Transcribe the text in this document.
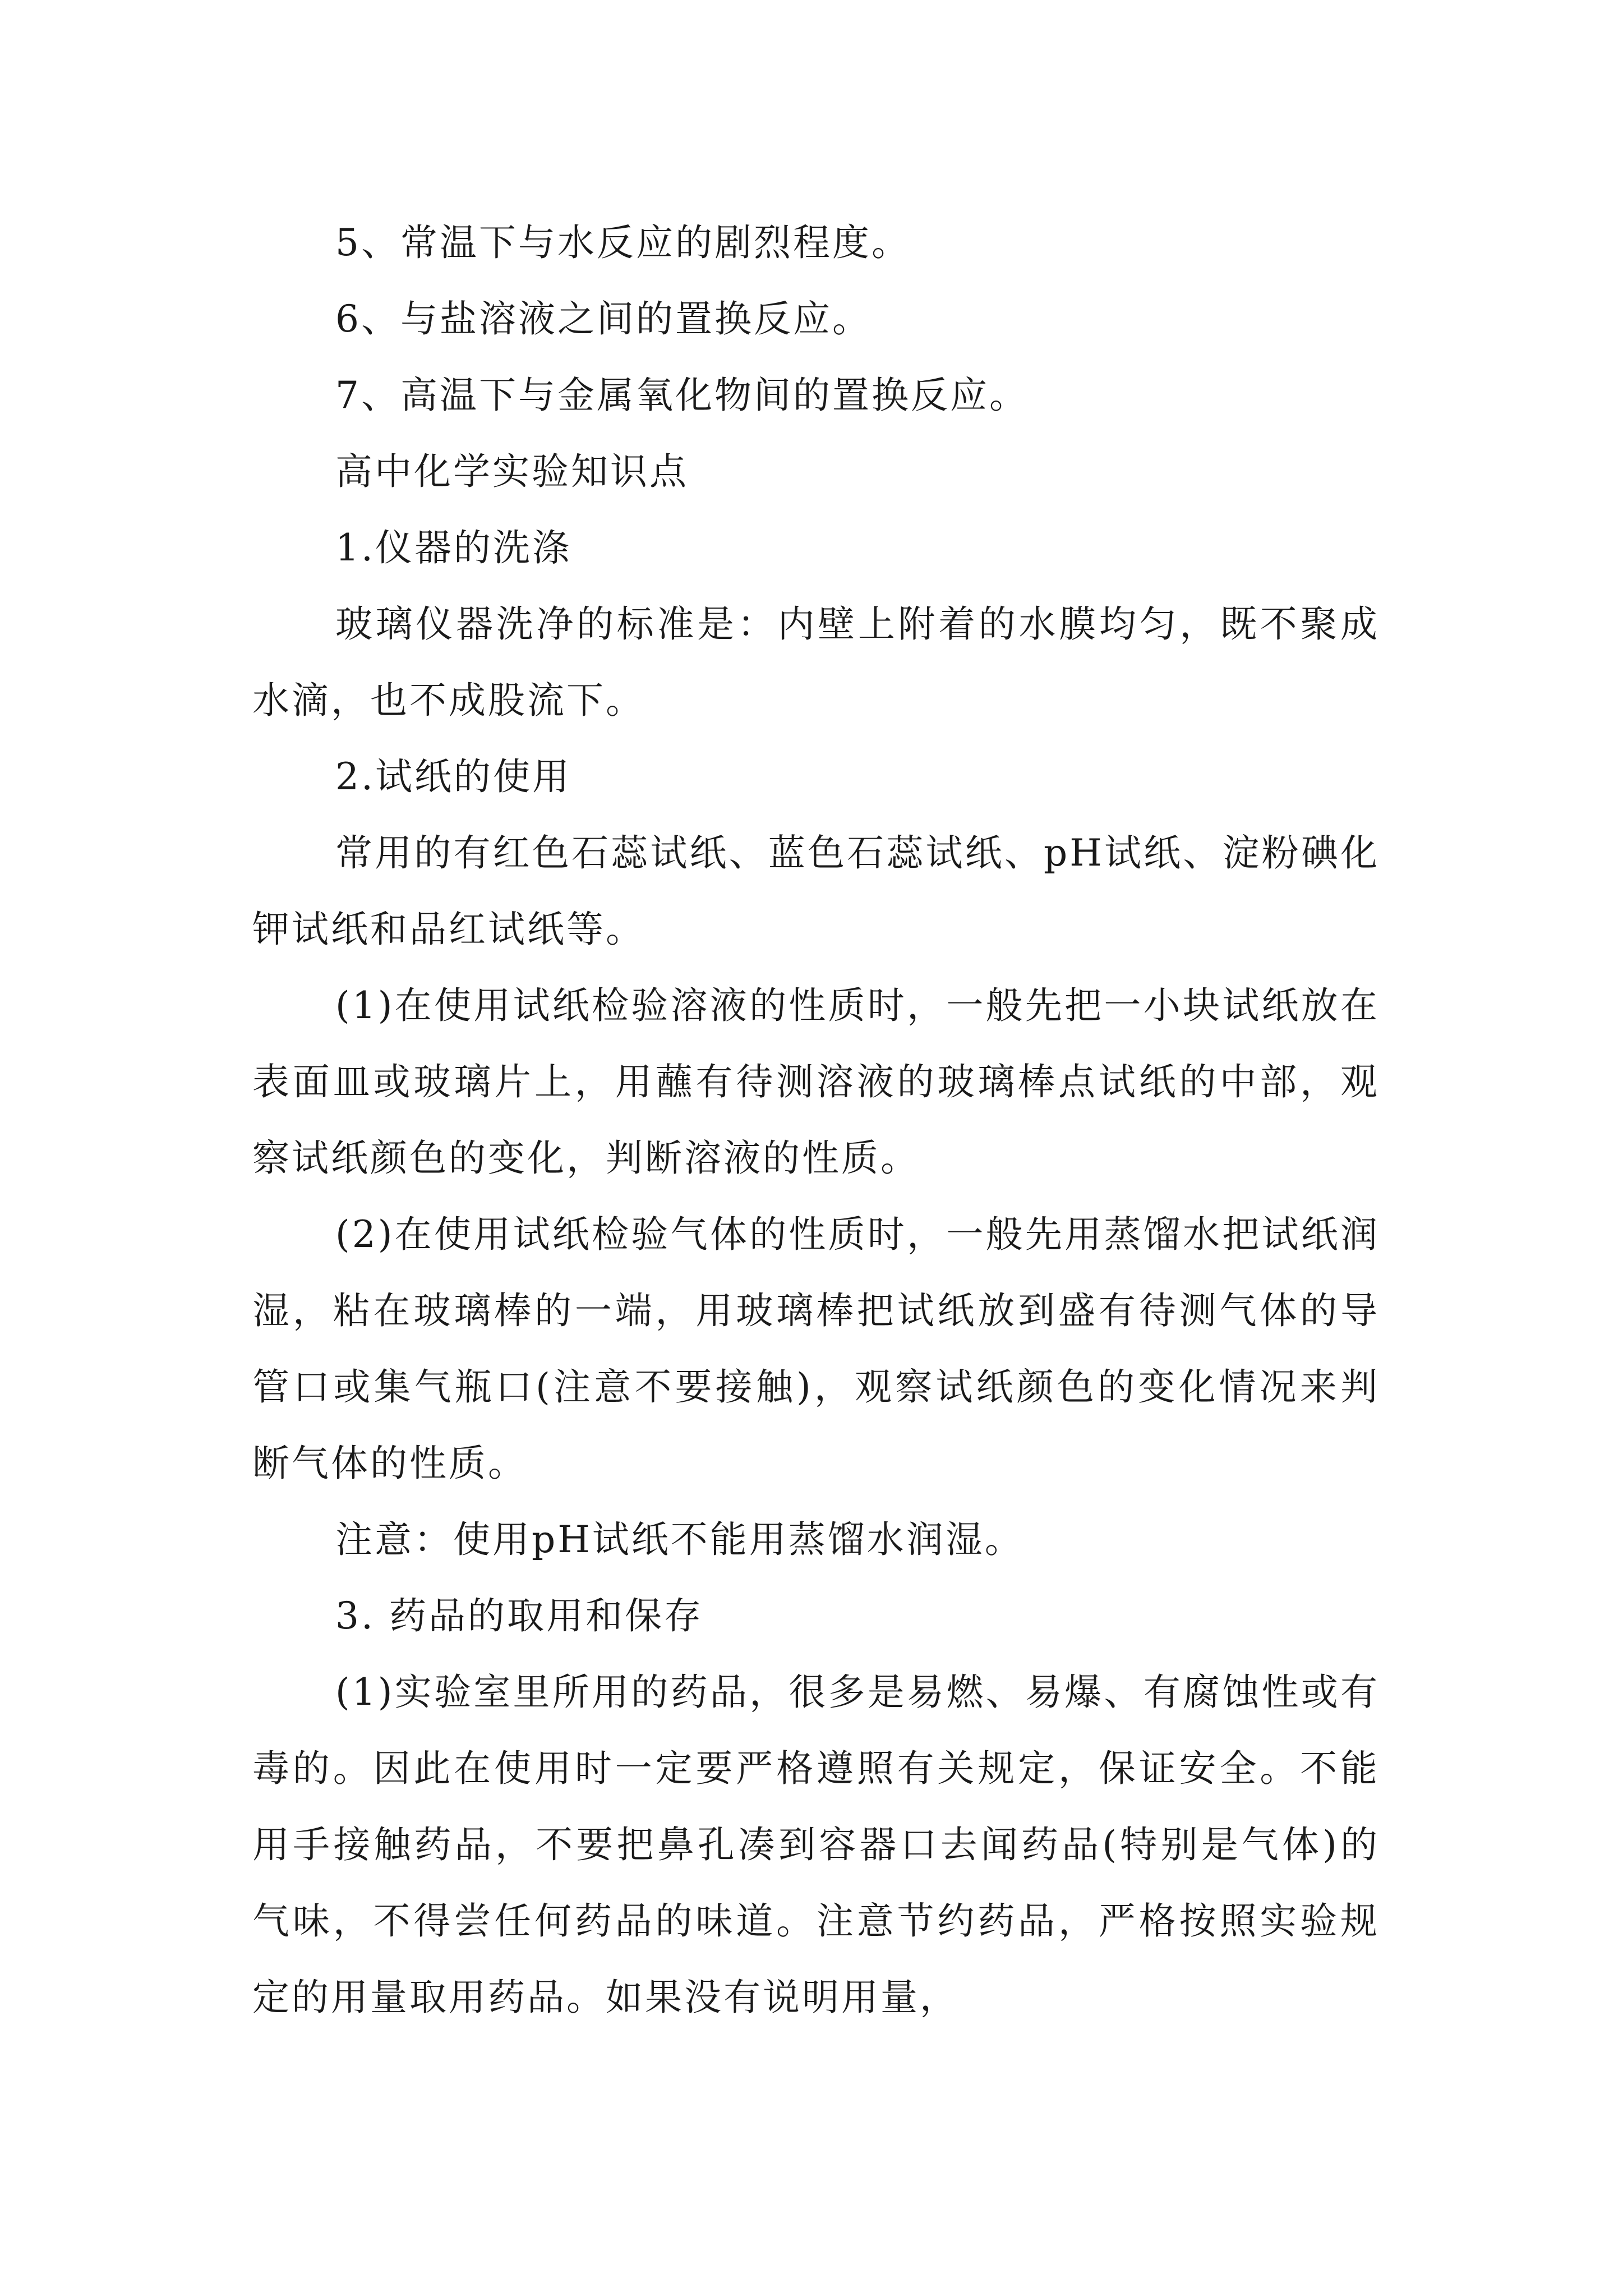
5、常温下与水反应的剧烈程度。

6、与盐溶液之间的置换反应。

7、高温下与金属氧化物间的置换反应。

高中化学实验知识点

1.仪器的洗涤

玻璃仪器洗净的标准是：内壁上附着的水膜均匀，既不聚成水滴，也不成股流下。

2.试纸的使用

常用的有红色石蕊试纸、蓝色石蕊试纸、pH试纸、淀粉碘化钾试纸和品红试纸等。

(1)在使用试纸检验溶液的性质时，一般先把一小块试纸放在表面皿或玻璃片上，用蘸有待测溶液的玻璃棒点试纸的中部，观察试纸颜色的变化，判断溶液的性质。

(2)在使用试纸检验气体的性质时，一般先用蒸馏水把试纸润湿，粘在玻璃棒的一端，用玻璃棒把试纸放到盛有待测气体的导管口或集气瓶口(注意不要接触)，观察试纸颜色的变化情况来判断气体的性质。

注意：使用pH试纸不能用蒸馏水润湿。

3. 药品的取用和保存

(1)实验室里所用的药品，很多是易燃、易爆、有腐蚀性或有毒的。因此在使用时一定要严格遵照有关规定，保证安全。不能用手接触药品，不要把鼻孔凑到容器口去闻药品(特别是气体)的气味，不得尝任何药品的味道。注意节约药品，严格按照实验规定的用量取用药品。如果没有说明用量，
